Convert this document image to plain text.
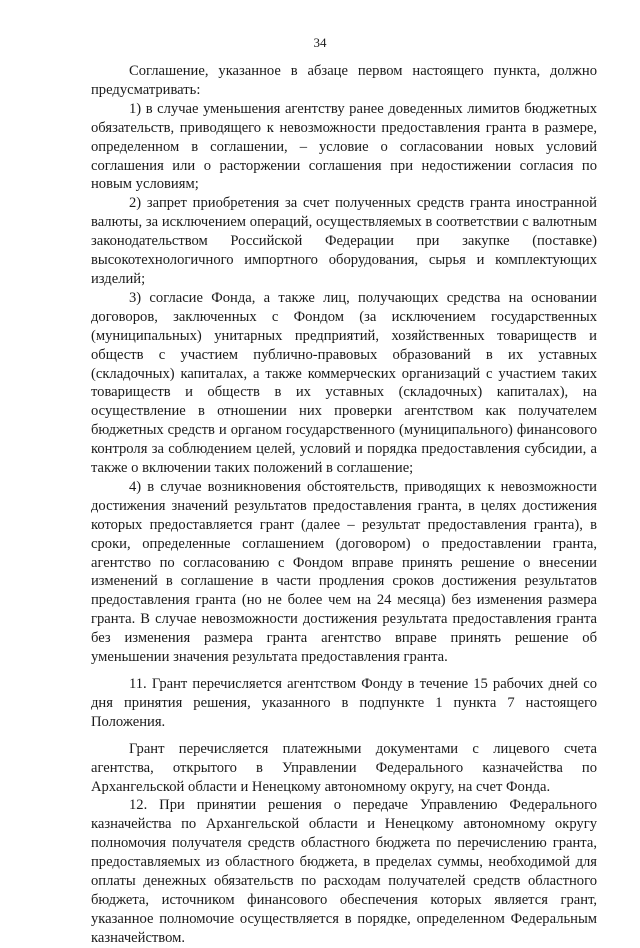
34

Соглашение, указанное в абзаце первом настоящего пункта, должно предусматривать:

1) в случае уменьшения агентству ранее доведенных лимитов бюджетных обязательств, приводящего к невозможности предоставления гранта в размере, определенном в соглашении, – условие о согласовании новых условий соглашения или о расторжении соглашения при недостижении согласия по новым условиям;

2) запрет приобретения за счет полученных средств гранта иностранной валюты, за исключением операций, осуществляемых в соответствии с валютным законодательством Российской Федерации при закупке (поставке) высокотехнологичного импортного оборудования, сырья и комплектующих изделий;

3) согласие Фонда, а также лиц, получающих средства на основании договоров, заключенных с Фондом (за исключением государственных (муниципальных) унитарных предприятий, хозяйственных товариществ и обществ с участием публично-правовых образований в их уставных (складочных) капиталах, а также коммерческих организаций с участием таких товариществ и обществ в их уставных (складочных) капиталах), на осуществление в отношении них проверки агентством как получателем бюджетных средств и органом государственного (муниципального) финансового контроля за соблюдением целей, условий и порядка предоставления субсидии, а также о включении таких положений в соглашение;

4) в случае возникновения обстоятельств, приводящих к невозможности достижения значений результатов предоставления гранта, в целях достижения которых предоставляется грант (далее – результат предоставления гранта), в сроки, определенные соглашением (договором) о предоставлении гранта, агентство по согласованию с Фондом вправе принять решение о внесении изменений в соглашение в части продления сроков достижения результатов предоставления гранта (но не более чем на 24 месяца) без изменения размера гранта. В случае невозможности достижения результата предоставления гранта без изменения размера гранта агентство вправе принять решение об уменьшении значения результата предоставления гранта.

11. Грант перечисляется агентством Фонду в течение 15 рабочих дней со дня принятия решения, указанного в подпункте 1 пункта 7 настоящего Положения.

Грант перечисляется платежными документами с лицевого счета агентства, открытого в Управлении Федерального казначейства по Архангельской области и Ненецкому автономному округу, на счет Фонда.

12. При принятии решения о передаче Управлению Федерального казначейства по Архангельской области и Ненецкому автономному округу полномочия получателя средств областного бюджета по перечислению гранта, предоставляемых из областного бюджета, в пределах суммы, необходимой для оплаты денежных обязательств по расходам получателей средств областного бюджета, источником финансового обеспечения которых является грант, указанное полномочие осуществляется в порядке, определенном Федеральным казначейством.
